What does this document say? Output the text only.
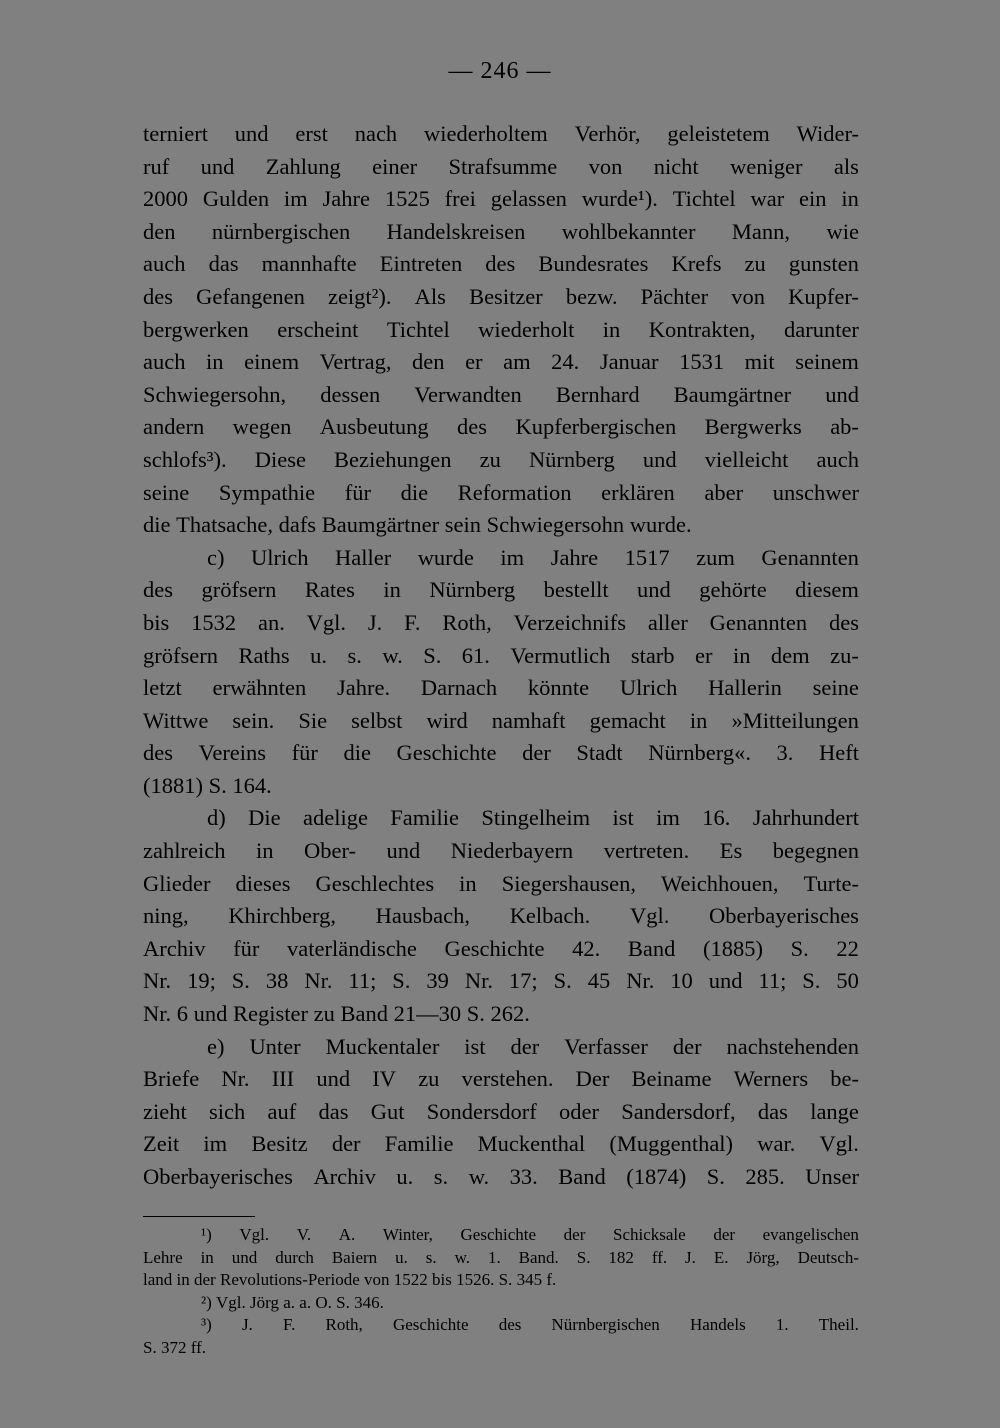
— 246 —
terniert und erst nach wiederholtem Verhör, geleistetem Wider-
ruf und Zahlung einer Strafsumme von nicht weniger als
2000 Gulden im Jahre 1525 frei gelassen wurde¹). Tichtel war ein in
den nürnbergischen Handelskreisen wohlbekannter Mann, wie
auch das mannhafte Eintreten des Bundesrates Krefs zu gunsten
des Gefangenen zeigt²). Als Besitzer bezw. Pächter von Kupfer-
bergwerken erscheint Tichtel wiederholt in Kontrakten, darunter
auch in einem Vertrag, den er am 24. Januar 1531 mit seinem
Schwiegersohn, dessen Verwandten Bernhard Baumgärtner und
andern wegen Ausbeutung des Kupferbergischen Bergwerks ab-
schlofs³). Diese Beziehungen zu Nürnberg und vielleicht auch
seine Sympathie für die Reformation erklären aber unschwer
die Thatsache, dafs Baumgärtner sein Schwiegersohn wurde.
c) Ulrich Haller wurde im Jahre 1517 zum Genannten
des gröfsern Rates in Nürnberg bestellt und gehörte diesem
bis 1532 an. Vgl. J. F. Roth, Verzeichnifs aller Genannten des
gröfsern Raths u. s. w. S. 61. Vermutlich starb er in dem zu-
letzt erwähnten Jahre. Darnach könnte Ulrich Hallerin seine
Wittwe sein. Sie selbst wird namhaft gemacht in »Mitteilungen
des Vereins für die Geschichte der Stadt Nürnberg«. 3. Heft
(1881) S. 164.
d) Die adelige Familie Stingelheim ist im 16. Jahrhundert
zahlreich in Ober- und Niederbayern vertreten. Es begegnen
Glieder dieses Geschlechtes in Siegershausen, Weichhouen, Turte-
ning, Khirchberg, Hausbach, Kelbach. Vgl. Oberbayerisches
Archiv für vaterländische Geschichte 42. Band (1885) S. 22
Nr. 19; S. 38 Nr. 11; S. 39 Nr. 17; S. 45 Nr. 10 und 11; S. 50
Nr. 6 und Register zu Band 21—30 S. 262.
e) Unter Muckentaler ist der Verfasser der nachstehenden
Briefe Nr. III und IV zu verstehen. Der Beiname Werners be-
zieht sich auf das Gut Sondersdorf oder Sandersdorf, das lange
Zeit im Besitz der Familie Muckenthal (Muggenthal) war. Vgl.
Oberbayerisches Archiv u. s. w. 33. Band (1874) S. 285. Unser
¹) Vgl. V. A. Winter, Geschichte der Schicksale der evangelischen
Lehre in und durch Baiern u. s. w. 1. Band. S. 182 ff. J. E. Jörg, Deutsch-
land in der Revolutions-Periode von 1522 bis 1526. S. 345 f.
²) Vgl. Jörg a. a. O. S. 346.
³) J. F. Roth, Geschichte des Nürnbergischen Handels 1. Theil.
S. 372 ff.
